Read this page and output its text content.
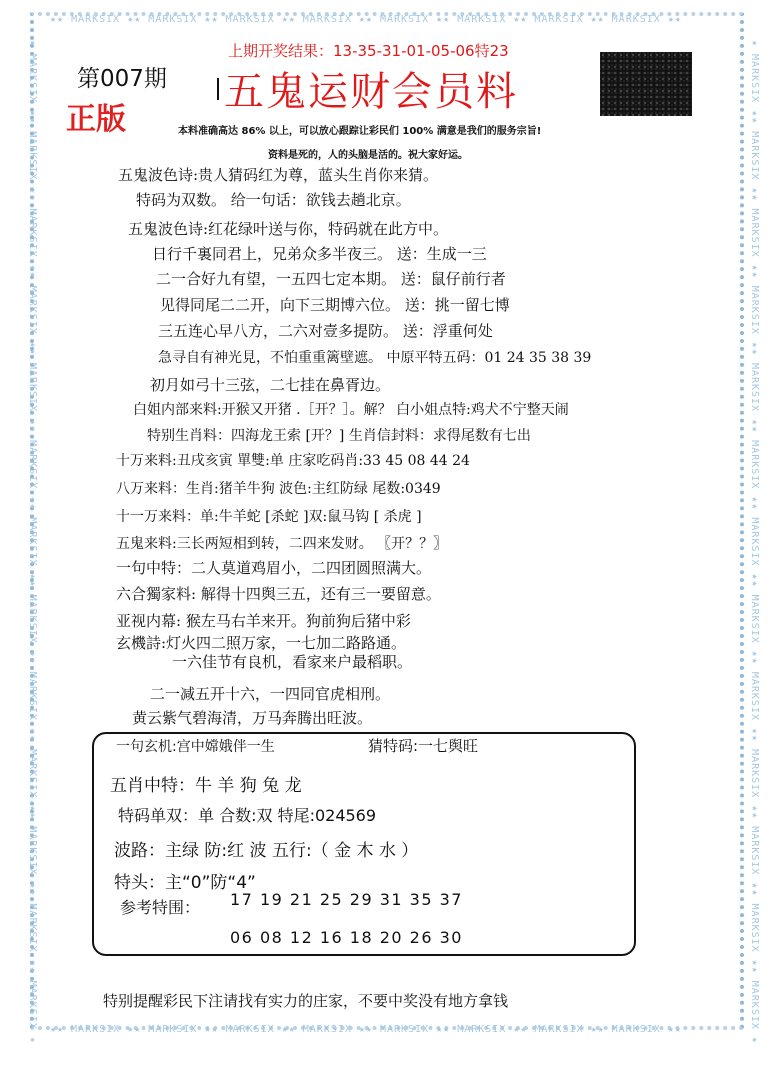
★★ MARKSIX ★★ MARKSIX ★★ MARKSIX ★★ MARKSIX ★★ MARKSIX ★★ MARKSIX ★★ MARKSIX ★★ MARKSIX ★★
★★ MARKSIX ★★ MARKSIX ★★ MARKSIX ★★ MARKSIX ★★ MARKSIX ★★ MARKSIX ★★ MARKSIX ★★ MARKSIX ★★
★ MARKSIX ★★ MARKSIX ★★ MARKSIX ★★ MARKSIX ★★ MARKSIX ★★ MARKSIX ★★ MARKSIX ★★ MARKSIX ★★ MARKSIX ★★ MARKSIX ★★ MARKSIX ★★ MARKSIX ★★ MARKSIX ★	★ MARKSIX ★★ MARKSIX ★★ MARKSIX ★★ MARKSIX ★★ MARKSIX ★★ MARKSIX ★★ MARKSIX ★★ MARKSIX ★★ MARKSIX ★★ MARKSIX ★★ MARKSIX ★★ MARKSIX ★★ MARKSIX ★
第007期
正版
上期开奖结果：13-35-31-01-05-06特23
五鬼运财会员料
本料准确高达 86% 以上，可以放心跟踪让彩民们 100% 满意是我们的服务宗旨!
资料是死的，人的头脑是活的。祝大家好运。
五鬼波色诗:贵人猜码红为尊，蓝头生肖你来猜。
特码为双数。 给一句话：欲钱去趟北京。
五鬼波色诗:红花绿叶送与你，特码就在此方中。
日行千裏同君上，兄弟众多半夜三。 送：生成一三
二一合好九有望，一五四七定本期。 送：鼠仔前行者
见得同尾二二开，向下三期博六位。 送：挑一留七博
三五连心早八方，二六对壹多提防。 送：浮重何处
急寻自有神光見，不怕重重篱壁遮。 中原平特五码：01 24 35 38 39
初月如弓十三弦，二七挂在鼻胥边。
白姐内部来料:开猴又开猪 .［开？］。解？ 白小姐点特:鸡犬不宁整天闹
特别生肖料：四海龙王索 [开？] 生肖信封料：求得尾数有七出
十万来料:丑戌亥寅 單雙:单 庄家吃码肖:33 45 08 44 24
八万来料：生肖:猪羊牛狗 波色:主红防绿 尾数:0349
十一万来料：单:牛羊蛇 [杀蛇 ]双:鼠马钩 [ 杀虎 ]
五鬼来料:三长两短相到转，二四来发财。 〖开？？〗
一句中特：二人莫道鸡眉小，二四团圆照满大。
六合獨家料: 解得十四舆三五，还有三一要留意。
亚视内幕: 猴左马右羊来开。狗前狗后猪中彩
玄機詩:灯火四二照万家，一七加二路路通。
一六佳节有良机，看家来户最稻职。
二一减五开十六，一四同官虎相刑。
黄云紫气碧海清，万马奔腾出旺波。
一句玄机:宫中嫦娥伴一生	猜特码:一七舆旺
五肖中特：牛 羊 狗 兔 龙
特码单双：单 合数:双 特尾:024569
波路：主绿 防:红 波 五行:（ 金 木 水 ）
特头：主“0”防“4”
参考特围： 17 19 21 25 29 31 35 37
06 08 12 16 18 20 26 30
特别提醒彩民下注请找有实力的庄家，不要中奖没有地方拿钱
